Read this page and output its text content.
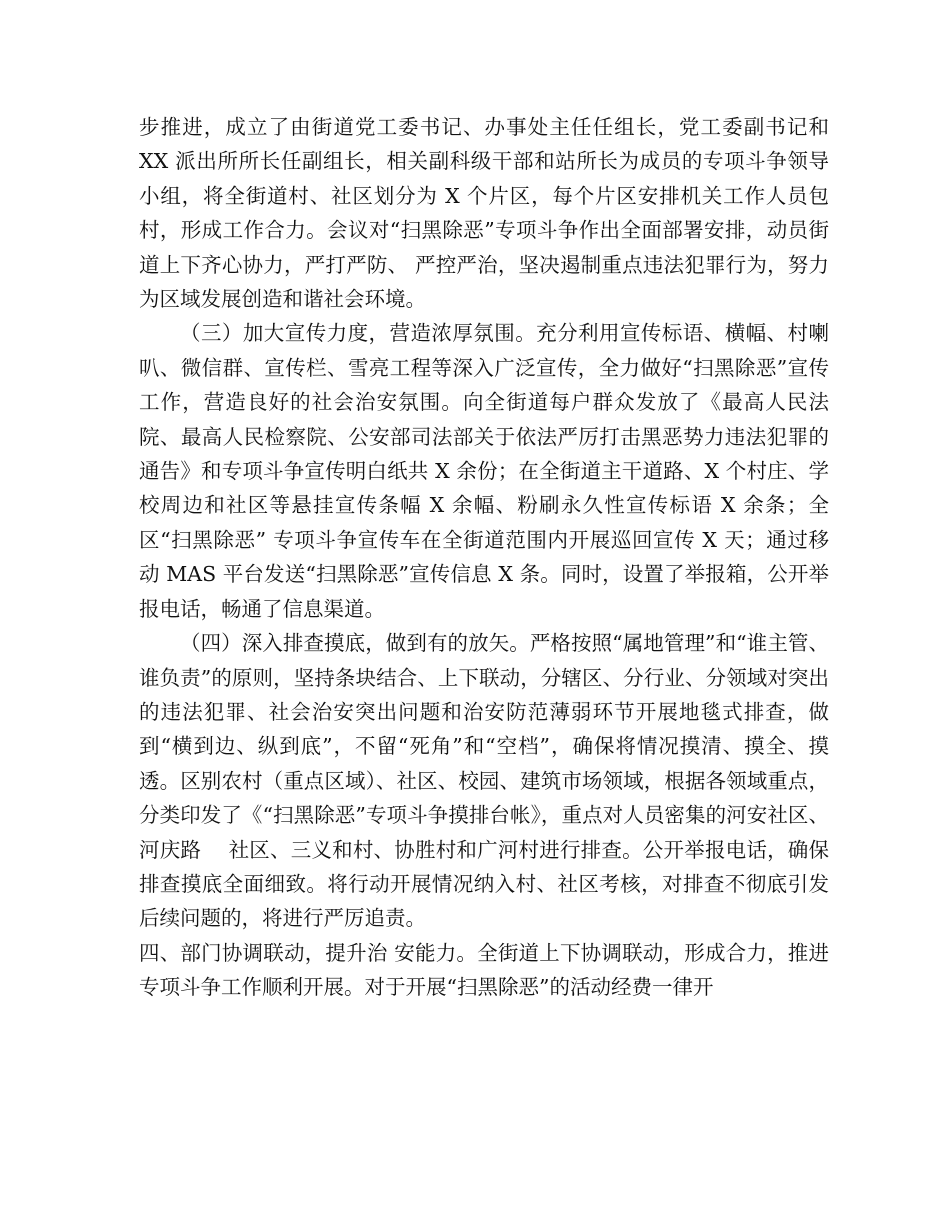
步推进，成立了由街道党工委书记、办事处主任任组长，党工委副书记和　XX 派出所所长任副组长，相关副科级干部和站所长为成员的专项斗争领导小组，将全街道村、社区划分为 X 个片区，每个片区安排机关工作人员包村，形成工作合力。会议对“扫黑除恶”专项斗争作出全面部署安排，动员街道上下齐心协力，严打严防、 严控严治，坚决遏制重点违法犯罪行为，努力为区域发展创造和谐社会环境。

（三）加大宣传力度，营造浓厚氛围。充分利用宣传标语、横幅、村喇叭、微信群、宣传栏、雪亮工程等深入广泛宣传，全力做好“扫黑除恶”宣传工作，营造良好的社会治安氛围。向全街道每户群众发放了《最高人民法院、最高人民检察院、公安部司法部关于依法严厉打击黑恶势力违法犯罪的通告》和专项斗争宣传明白纸共 X 余份；在全街道主干道路、X 个村庄、学校周边和社区等悬挂宣传条幅 X 余幅、粉刷永久性宣传标语 X 余条；全区“扫黑除恶” 专项斗争宣传车在全街道范围内开展巡回宣传 X 天；通过移动 MAS 平台发送“扫黑除恶”宣传信息 X 条。同时，设置了举报箱，公开举报电话，畅通了信息渠道。

（四）深入排查摸底，做到有的放矢。严格按照“属地管理”和“谁主管、谁负责”的原则，坚持条块结合、上下联动，分辖区、分行业、分领域对突出的违法犯罪、社会治安突出问题和治安防范薄弱环节开展地毯式排查，做到“横到边、纵到底”，不留“死角”和“空档”，确保将情况摸清、摸全、摸透。区别农村（重点区域）、社区、校园、建筑市场领域，根据各领域重点，分类印发了《“扫黑除恶”专项斗争摸排台帐》，重点对人员密集的河安社区、河庆路　 社区、三义和村、协胜村和广河村进行排查。公开举报电话，确保排查摸底全面细致。将行动开展情况纳入村、社区考核，对排查不彻底引发后续问题的，将进行严厉追责。

四、部门协调联动，提升治 安能力。全街道上下协调联动，形成合力，推进专项斗争工作顺利开展。对于开展“扫黑除恶”的活动经费一律开
